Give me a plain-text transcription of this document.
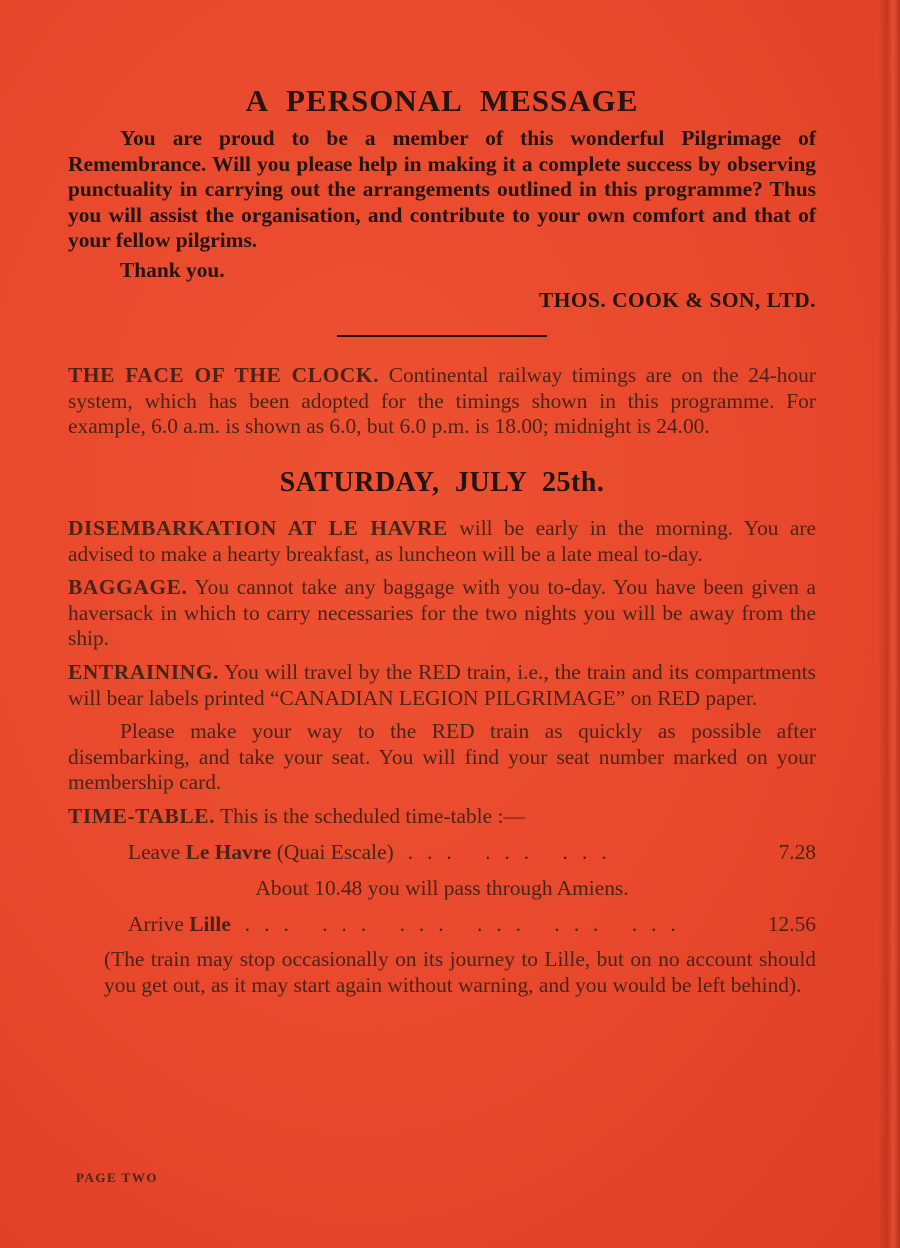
A PERSONAL MESSAGE

You are proud to be a member of this wonderful Pilgrimage of Remembrance. Will you please help in making it a complete success by observing punctuality in carrying out the arrangements outlined in this programme? Thus you will assist the organisation, and contribute to your own comfort and that of your fellow pilgrims.

Thank you.

THOS. COOK & SON, LTD.

THE FACE OF THE CLOCK. Continental railway timings are on the 24-hour system, which has been adopted for the timings shown in this programme. For example, 6.0 a.m. is shown as 6.0, but 6.0 p.m. is 18.00; midnight is 24.00.

SATURDAY, JULY 25th.

DISEMBARKATION AT LE HAVRE will be early in the morning. You are advised to make a hearty breakfast, as luncheon will be a late meal to-day.

BAGGAGE. You cannot take any baggage with you to-day. You have been given a haversack in which to carry necessaries for the two nights you will be away from the ship.

ENTRAINING. You will travel by the RED train, i.e., the train and its compartments will bear labels printed “CANADIAN LEGION PILGRIMAGE” on RED paper.

Please make your way to the RED train as quickly as possible after disembarking, and take your seat. You will find your seat number marked on your membership card.

TIME-TABLE. This is the scheduled time-table :—

Leave
Le Havre
(Quai Escale) ... ... ...	7.28

About 10.48 you will pass through Amiens.

Arrive
Lille ... ... ... ... ... ...	12.56

(The train may stop occasionally on its journey to Lille, but on no account should you get out, as it may start again without warning, and you would be left behind).

PAGE TWO
